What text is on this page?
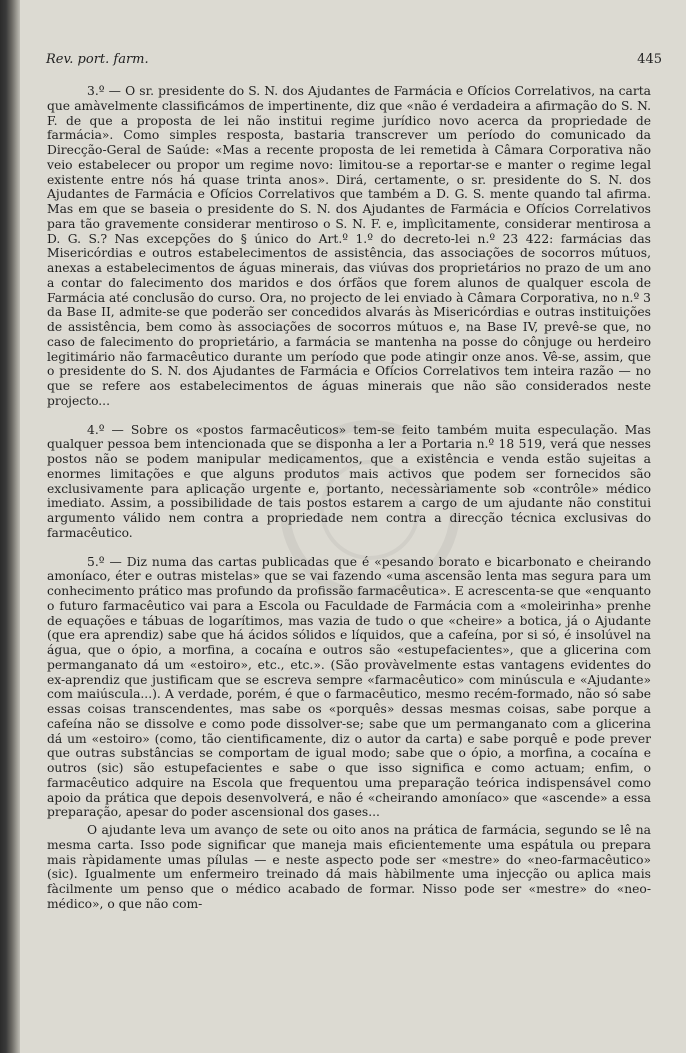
Rev. port. farm.	445

3.º — O sr. presidente do S. N. dos Ajudantes de Farmácia e Ofícios Correlativos, na carta que amàvelmente classificámos de impertinente, diz que «não é verdadeira a afirmação do S. N. F. de que a proposta de lei não institui regime jurídico novo acerca da propriedade de farmácia». Como simples resposta, bastaria transcrever um período do comunicado da Direcção-Geral de Saúde: «Mas a recente proposta de lei remetida à Câmara Corporativa não veio estabelecer ou propor um regime novo: limitou-se a reportar-se e manter o regime legal existente entre nós há quase trinta anos». Dirá, certamente, o sr. presidente do S. N. dos Ajudantes de Farmácia e Ofícios Correlativos que também a D. G. S. mente quando tal afirma. Mas em que se baseia o presidente do S. N. dos Ajudantes de Farmácia e Ofícios Correlativos para tão gravemente considerar mentiroso o S. N. F. e, implìcitamente, considerar mentirosa a D. G. S.? Nas excepções do § único do Art.º 1.º do decreto-lei n.º 23 422: farmácias das Misericórdias e outros estabelecimentos de assistência, das associações de socorros mútuos, anexas a estabelecimentos de águas minerais, das viúvas dos proprietários no prazo de um ano a contar do falecimento dos maridos e dos órfãos que forem alunos de qualquer escola de Farmácia até conclusão do curso. Ora, no projecto de lei enviado à Câmara Corporativa, no n.º 3 da Base II, admite-se que poderão ser concedidos alvarás às Misericórdias e outras instituições de assistência, bem como às associações de socorros mútuos e, na Base IV, prevê-se que, no caso de falecimento do proprietário, a farmácia se mantenha na posse do cônjuge ou herdeiro legitimário não farmacêutico durante um período que pode atingir onze anos. Vê-se, assim, que o presidente do S. N. dos Ajudantes de Farmácia e Ofícios Correlativos tem inteira razão — no que se refere aos estabelecimentos de águas minerais que não são considerados neste projecto...

4.º — Sobre os «postos farmacêuticos» tem-se feito também muita especulação. Mas qualquer pessoa bem intencionada que se disponha a ler a Portaria n.º 18 519, verá que nesses postos não se podem manipular medicamentos, que a existência e venda estão sujeitas a enormes limitações e que alguns produtos mais activos que podem ser fornecidos são exclusivamente para aplicação urgente e, portanto, necessàriamente sob «contrôle» médico imediato. Assim, a possibilidade de tais postos estarem a cargo de um ajudante não constitui argumento válido nem contra a propriedade nem contra a direcção técnica exclusivas do farmacêutico.

5.º — Diz numa das cartas publicadas que é «pesando borato e bicarbonato e cheirando amoníaco, éter e outras mistelas» que se vai fazendo «uma ascensão lenta mas segura para um conhecimento prático mas profundo da profissão farmacêutica». E acrescenta-se que «enquanto o futuro farmacêutico vai para a Escola ou Faculdade de Farmácia com a «moleirinha» prenhe de equações e tábuas de logarítimos, mas vazia de tudo o que «cheire» a botica, já o Ajudante (que era aprendiz) sabe que há ácidos sólidos e líquidos, que a cafeína, por si só, é insolúvel na água, que o ópio, a morfina, a cocaína e outros são «estupefacientes», que a glicerina com permanganato dá um «estoiro», etc., etc.». (São provàvelmente estas vantagens evidentes do ex-aprendiz que justificam que se escreva sempre «farmacêutico» com minúscula e «Ajudante» com maiúscula...). A verdade, porém, é que o farmacêutico, mesmo recém-formado, não só sabe essas coisas transcendentes, mas sabe os «porquês» dessas mesmas coisas, sabe porque a cafeína não se dissolve e como pode dissolver-se; sabe que um permanganato com a glicerina dá um «estoiro» (como, tão cientificamente, diz o autor da carta) e sabe porquê e pode prever que outras substâncias se comportam de igual modo; sabe que o ópio, a morfina, a cocaína e outros (sic) são estupefacientes e sabe o que isso significa e como actuam; enfim, o farmacêutico adquire na Escola que frequentou uma preparação teórica indispensável como apoio da prática que depois desenvolverá, e não é «cheirando amoníaco» que «ascende» a essa preparação, apesar do poder ascensional dos gases...

O ajudante leva um avanço de sete ou oito anos na prática de farmácia, segundo se lê na mesma carta. Isso pode significar que maneja mais eficientemente uma espátula ou prepara mais ràpidamente umas pílulas — e neste aspecto pode ser «mestre» do «neo-farmacêutico» (sic). Igualmente um enfermeiro treinado dá mais hàbilmente uma injecção ou aplica mais fàcilmente um penso que o médico acabado de formar. Nisso pode ser «mestre» do «neo-médico», o que não com-
